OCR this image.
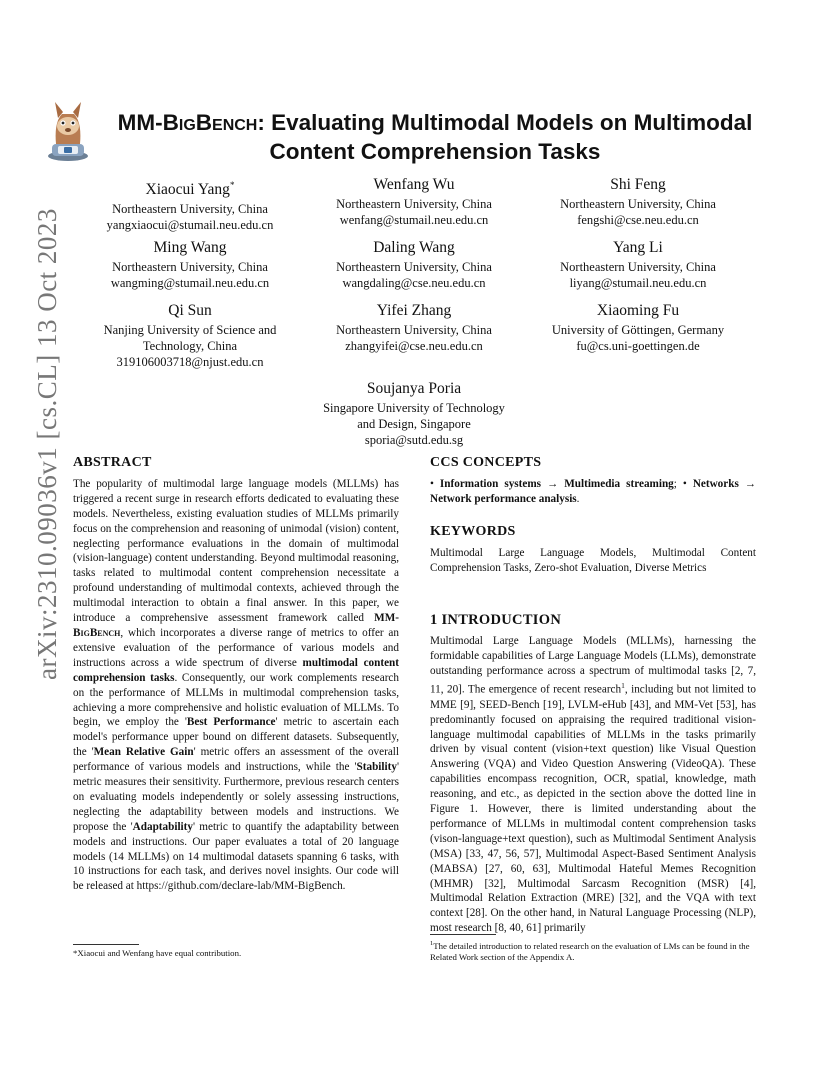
arXiv:2310.09036v1 [cs.CL] 13 Oct 2023
MM-BigBench: Evaluating Multimodal Models on Multimodal
Content Comprehension Tasks
Xiaocui Yang*
Northeastern University, China
yangxiaocui@stumail.neu.edu.cn
Wenfang Wu
Northeastern University, China
wenfang@stumail.neu.edu.cn
Shi Feng
Northeastern University, China
fengshi@cse.neu.edu.cn
Ming Wang
Northeastern University, China
wangming@stumail.neu.edu.cn
Daling Wang
Northeastern University, China
wangdaling@cse.neu.edu.cn
Yang Li
Northeastern University, China
liyang@stumail.neu.edu.cn
Qi Sun
Nanjing University of Science and
Technology, China
319106003718@njust.edu.cn
Yifei Zhang
Northeastern University, China
zhangyifei@cse.neu.edu.cn
Xiaoming Fu
University of Göttingen, Germany
fu@cs.uni-goettingen.de
Soujanya Poria
Singapore University of Technology
and Design, Singapore
sporia@sutd.edu.sg
ABSTRACT

The popularity of multimodal large language models (MLLMs) has triggered a recent surge in research efforts dedicated to evaluating these models. Nevertheless, existing evaluation studies of MLLMs primarily focus on the comprehension and reasoning of unimodal (vision) content, neglecting performance evaluations in the domain of multimodal (vision-language) content understanding. Beyond multimodal reasoning, tasks related to multimodal content comprehension necessitate a profound understanding of multimodal contexts, achieved through the multimodal interaction to obtain a final answer. In this paper, we introduce a comprehensive assessment framework called MM-BigBench, which incorporates a diverse range of metrics to offer an extensive evaluation of the performance of various models and instructions across a wide spectrum of diverse multimodal content comprehension tasks. Consequently, our work complements research on the performance of MLLMs in multimodal comprehension tasks, achieving a more comprehensive and holistic evaluation of MLLMs. To begin, we employ the 'Best Performance' metric to ascertain each model's performance upper bound on different datasets. Subsequently, the 'Mean Relative Gain' metric offers an assessment of the overall performance of various models and instructions, while the 'Stability' metric measures their sensitivity. Furthermore, previous research centers on evaluating models independently or solely assessing instructions, neglecting the adaptability between models and instructions. We propose the 'Adaptability' metric to quantify the adaptability between models and instructions. Our paper evaluates a total of 20 language models (14 MLLMs) on 14 multimodal datasets spanning 6 tasks, with 10 instructions for each task, and derives novel insights. Our code will be released at https://github.com/declare-lab/MM-BigBench.

CCS CONCEPTS

• Information systems → Multimedia streaming; • Networks → Network performance analysis.

KEYWORDS

Multimodal Large Language Models, Multimodal Content Comprehension Tasks, Zero-shot Evaluation, Diverse Metrics

1 INTRODUCTION

Multimodal Large Language Models (MLLMs), harnessing the formidable capabilities of Large Language Models (LLMs), demonstrate outstanding performance across a spectrum of multimodal tasks [2, 7, 11, 20]. The emergence of recent research$^1$, including but not limited to MME [9], SEED-Bench [19], LVLM-eHub [43], and MM-Vet [53], has predominantly focused on appraising the required traditional vision-language multimodal capabilities of MLLMs in the tasks primarily driven by visual content (vision+text question) like Visual Question Answering (VQA) and Video Question Answering (VideoQA). These capabilities encompass recognition, OCR, spatial, knowledge, math reasoning, and etc., as depicted in the section above the dotted line in Figure 1. However, there is limited understanding about the performance of MLLMs in multimodal content comprehension tasks (vison-language+text question), such as Multimodal Sentiment Analysis (MSA) [33, 47, 56, 57], Multimodal Aspect-Based Sentiment Analysis (MABSA) [27, 60, 63], Multimodal Hateful Memes Recognition (MHMR) [32], Multimodal Sarcasm Recognition (MSR) [4], Multimodal Relation Extraction (MRE) [32], and the VQA with text context [28]. On the other hand, in Natural Language Processing (NLP), most research [8, 40, 61] primarily

*Xiaocui and Wenfang have equal contribution.
$^1$The detailed introduction to related research on the evaluation of LMs can be found in the Related Work section of the Appendix A.
